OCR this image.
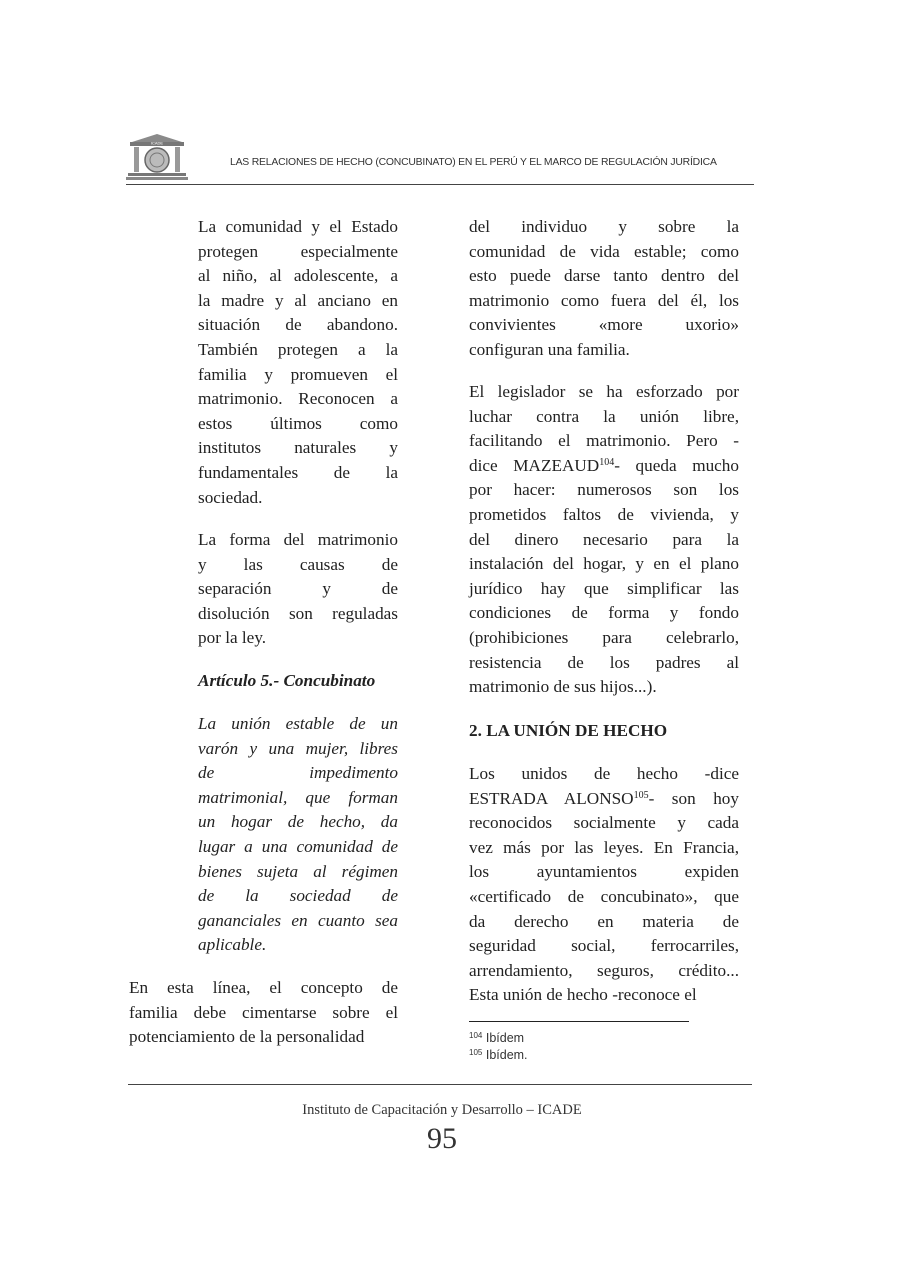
ICADE
LAS RELACIONES DE HECHO (CONCUBINATO) EN EL PERÚ Y EL MARCO DE REGULACIÓN JURÍDICA
La comunidad y el Estado
protegen especialmente
al niño, al adolescente, a
la madre y al anciano en
situación de abandono.
También protegen a la
familia y promueven el
matrimonio. Reconocen a
estos últimos como
institutos naturales y
fundamentales de la
sociedad.
La forma del matrimonio
y las causas de
separación y de
disolución son reguladas
por la ley.
Artículo 5.- Concubinato
La unión estable de un
varón y una mujer, libres
de impedimento
matrimonial, que forman
un hogar de hecho, da
lugar a una comunidad de
bienes sujeta al régimen
de la sociedad de
gananciales en cuanto sea
aplicable.
En esta línea, el concepto de
familia debe cimentarse sobre el
potenciamiento de la personalidad
del individuo y sobre la
comunidad de vida estable; como
esto puede darse tanto dentro del
matrimonio como fuera del él, los
convivientes «more uxorio»
configuran una familia.
El legislador se ha esforzado por
luchar contra la unión libre,
facilitando el matrimonio. Pero -
dice MAZEAUD$^{104}$- queda mucho
por hacer: numerosos son los
prometidos faltos de vivienda, y
del dinero necesario para la
instalación del hogar, y en el plano
jurídico hay que simplificar las
condiciones de forma y fondo
(prohibiciones para celebrarlo,
resistencia de los padres al
matrimonio de sus hijos...).
2. LA UNIÓN DE HECHO
Los unidos de hecho -dice
ESTRADA ALONSO$^{105}$- son hoy
reconocidos socialmente y cada
vez más por las leyes. En Francia,
los ayuntamientos expiden
«certificado de concubinato», que
da derecho en materia de
seguridad social, ferrocarriles,
arrendamiento, seguros, crédito...
Esta unión de hecho -reconoce el
$^{104}$ Ibídem
$^{105}$ Ibídem.
Instituto de Capacitación y Desarrollo – ICADE
95
